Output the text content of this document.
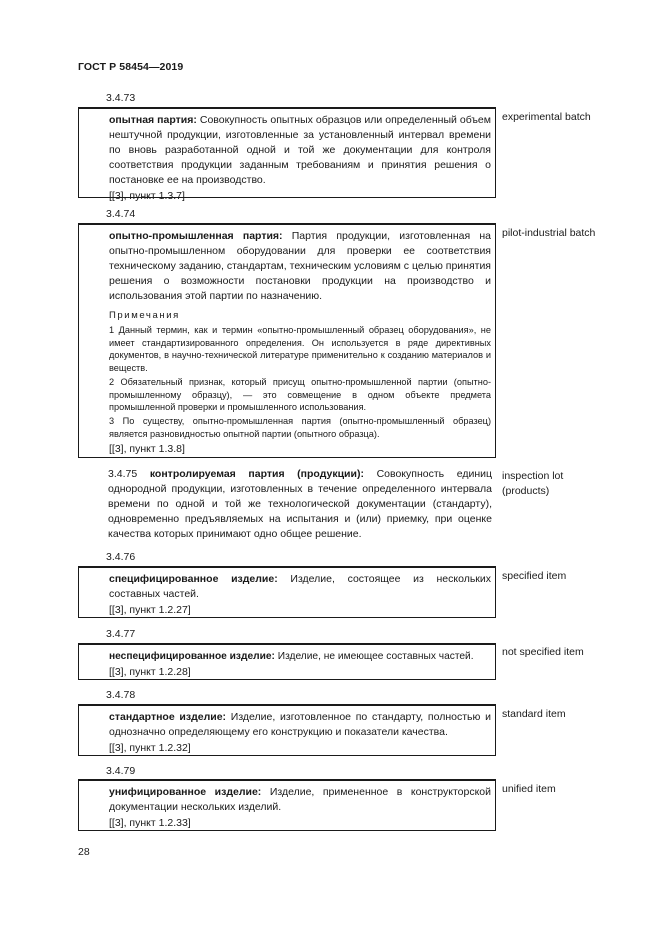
ГОСТ Р 58454—2019
3.4.73

опытная партия: Совокупность опытных образцов или определенный объем нештучной продукции, изготовленные за установленный интервал времени по вновь разработанной одной и той же документации для контроля соответствия продукции заданным требованиям и принятия решения о постановке ее на производство.

[[3], пункт 1.3.7]
experimental batch
3.4.74

опытно-промышленная партия: Партия продукции, изготовленная на опытно-промышленном оборудовании для проверки ее соответствия техническому заданию, стандартам, техническим условиям с целью принятия решения о возможности постановки продукции на производство и использования этой партии по назначению.

Примечания

1 Данный термин, как и термин «опытно-промышленный образец оборудования», не имеет стандартизированного определения. Он используется в ряде директивных документов, в научно-технической литературе применительно к созданию материалов и веществ.

2 Обязательный признак, который присущ опытно-промышленной партии (опытно-промышленному образцу), — это совмещение в одном объекте предмета промышленной проверки и промышленного использования.

3 По существу, опытно-промышленная партия (опытно-промышленный образец) является разновидностью опытной партии (опытного образца).

[[3], пункт 1.3.8]
pilot-industrial batch

3.4.75 контролируемая партия (продукции): Совокупность единиц однородной продукции, изготовленных в течение определенного интервала времени по одной и той же технологической документации (стандарту), одновременно предъявляемых на испытания и (или) приемку, при оценке качества которых принимают одно общее решение.

inspection lot
(products)
3.4.76

специфицированное изделие: Изделие, состоящее из нескольких составных частей.

[[3], пункт 1.2.27]
specified item
3.4.77

неспецифицированное изделие: Изделие, не имеющее составных частей.

[[3], пункт 1.2.28]
not specified item
3.4.78

стандартное изделие: Изделие, изготовленное по стандарту, полностью и однозначно определяющему его конструкцию и показатели качества.

[[3], пункт 1.2.32]
standard item
3.4.79

унифицированное изделие: Изделие, примененное в конструкторской документации нескольких изделий.

[[3], пункт 1.2.33]
unified item
28
